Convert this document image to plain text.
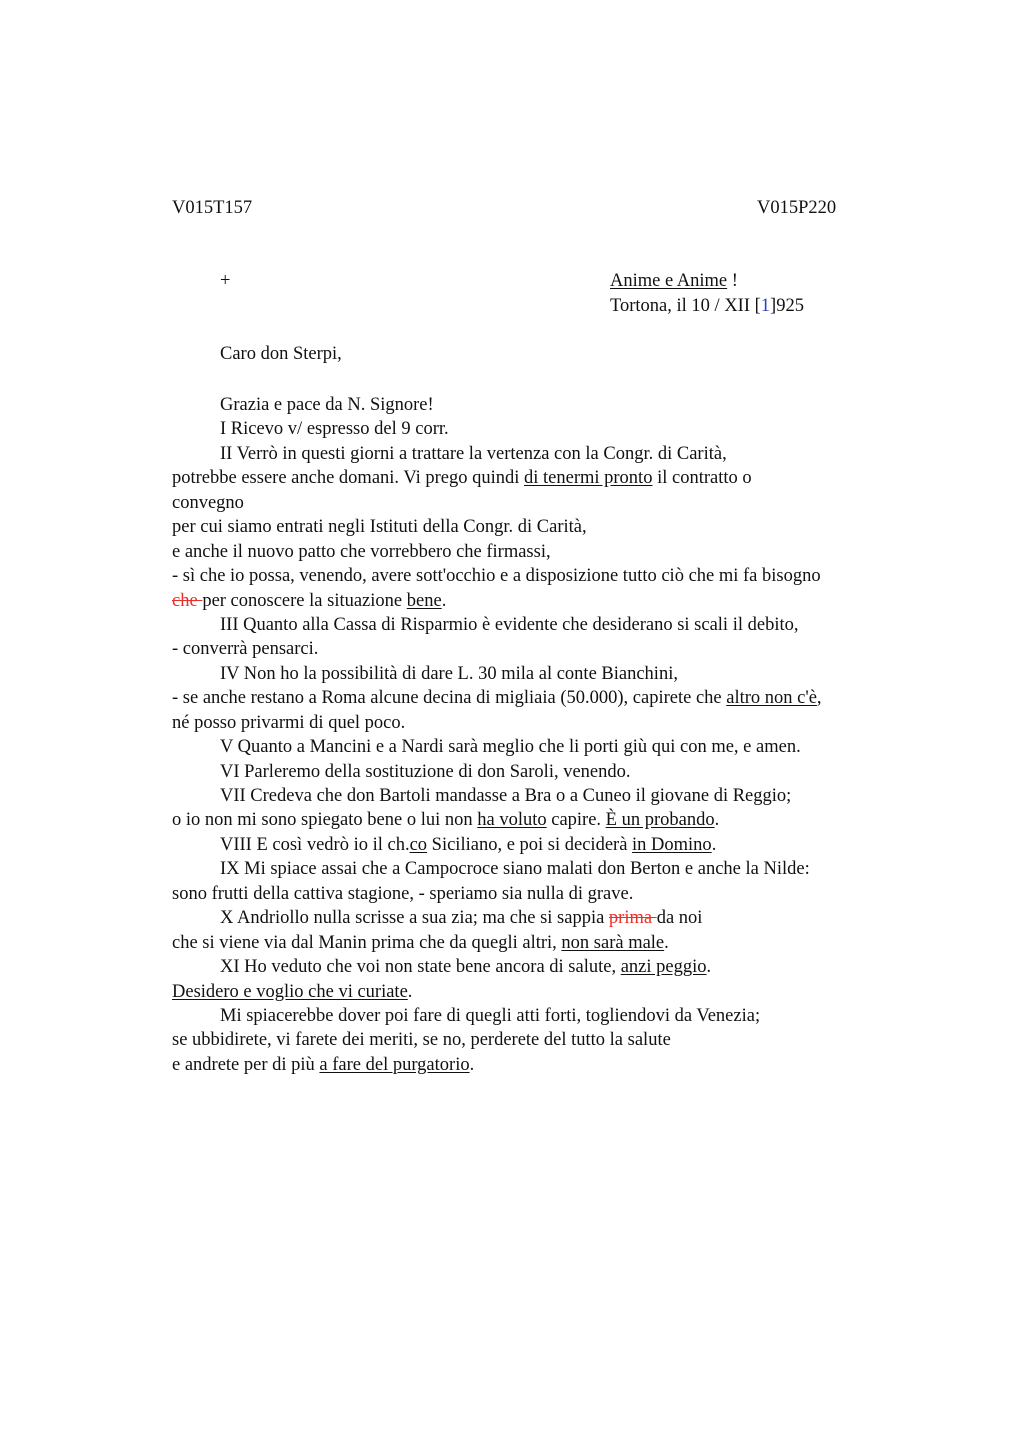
V015T157	V015P220
+	Anime e Anime !
Tortona, il 10 / XII [1]925
Caro don Sterpi,
Grazia e pace da N. Signore!
I Ricevo v/ espresso del 9 corr.
II Verrò in questi giorni a trattare la vertenza con la Congr. di Carità,
potrebbe essere anche domani. Vi prego quindi di tenermi pronto il contratto o
convegno
per cui siamo entrati negli Istituti della Congr. di Carità,
e anche il nuovo patto che vorrebbero che firmassi,
- sì che io possa, venendo, avere sott'occhio e a disposizione tutto ciò che mi fa bisogno
che per conoscere la situazione bene.
III Quanto alla Cassa di Risparmio è evidente che desiderano si scali il debito,
- converrà pensarci.
IV Non ho la possibilità di dare L. 30 mila al conte Bianchini,
- se anche restano a Roma alcune decina di migliaia (50.000), capirete che altro non c'è,
né posso privarmi di quel poco.
V Quanto a Mancini e a Nardi sarà meglio che li porti giù qui con me, e amen.
VI Parleremo della sostituzione di don Saroli, venendo.
VII Credeva che don Bartoli mandasse a Bra o a Cuneo il giovane di Reggio;
o io non mi sono spiegato bene o lui non ha voluto capire. È un probando.
VIII E così vedrò io il ch.co Siciliano, e poi si deciderà in Domino.
IX Mi spiace assai che a Campocroce siano malati don Berton e anche la Nilde:
sono frutti della cattiva stagione, - speriamo sia nulla di grave.
X Andriollo nulla scrisse a sua zia; ma che si sappia prima da noi
che si viene via dal Manin prima che da quegli altri, non sarà male.
XI Ho veduto che voi non state bene ancora di salute, anzi peggio.
Desidero e voglio che vi curiate.
Mi spiacerebbe dover poi fare di quegli atti forti, togliendovi da Venezia;
se ubbidirete, vi farete dei meriti, se no, perderete del tutto la salute
e andrete per di più a fare del purgatorio.
